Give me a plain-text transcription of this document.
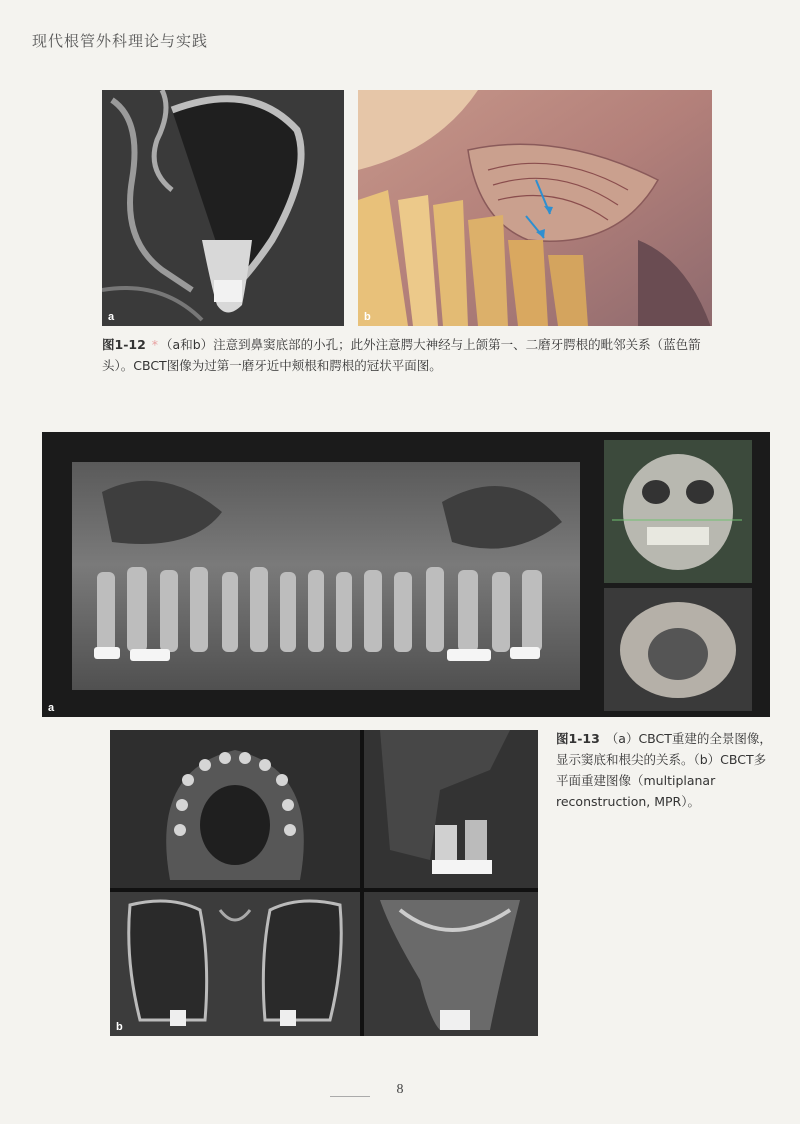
现代根管外科理论与实践
a	b
图1-12 * （a和b）注意到鼻窦底部的小孔；此外注意腭大神经与上颌第一、二磨牙腭根的毗邻关系（蓝色箭头）。CBCT图像为过第一磨牙近中颊根和腭根的冠状平面图。
a
b
图1-13 （a）CBCT重建的全景图像，显示窦底和根尖的关系。（b）CBCT多平面重建图像（multiplanar reconstruction, MPR）。
8
